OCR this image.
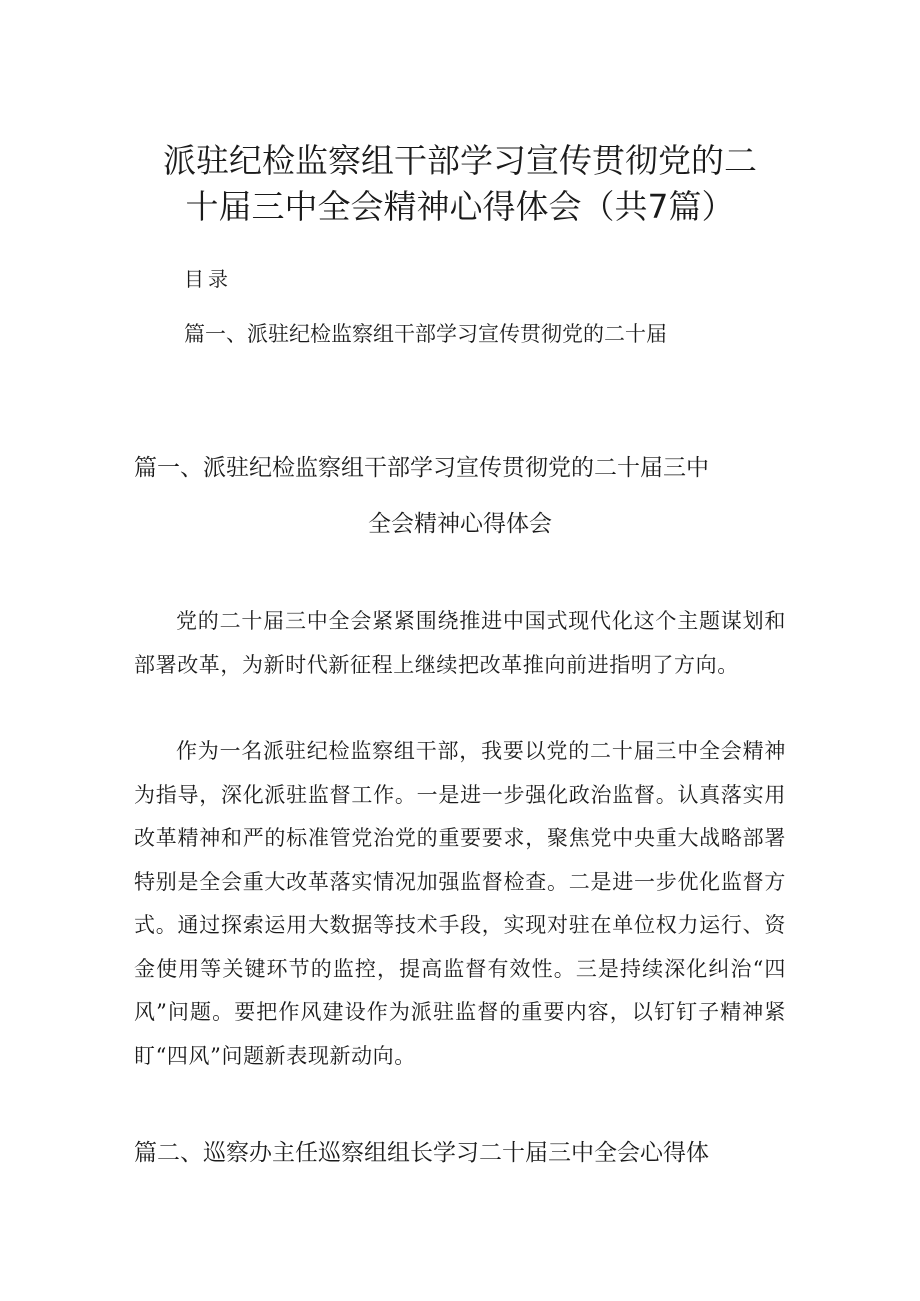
派驻纪检监察组干部学习宣传贯彻党的二
十届三中全会精神心得体会（共7篇）
目录
篇一、派驻纪检监察组干部学习宣传贯彻党的二十届
篇一、派驻纪检监察组干部学习宣传贯彻党的二十届三中
全会精神心得体会

党的二十届三中全会紧紧围绕推进中国式现代化这个主题谋划和部署改革，为新时代新征程上继续把改革推向前进指明了方向。

作为一名派驻纪检监察组干部，我要以党的二十届三中全会精神为指导，深化派驻监督工作。一是进一步强化政治监督。认真落实用改革精神和严的标准管党治党的重要要求，聚焦党中央重大战略部署特别是全会重大改革落实情况加强监督检查。二是进一步优化监督方式。通过探索运用大数据等技术手段，实现对驻在单位权力运行、资金使用等关键环节的监控，提高监督有效性。三是持续深化纠治“四风”问题。要把作风建设作为派驻监督的重要内容，以钉钉子精神紧盯“四风”问题新表现新动向。

篇二、巡察办主任巡察组组长学习二十届三中全会心得体
